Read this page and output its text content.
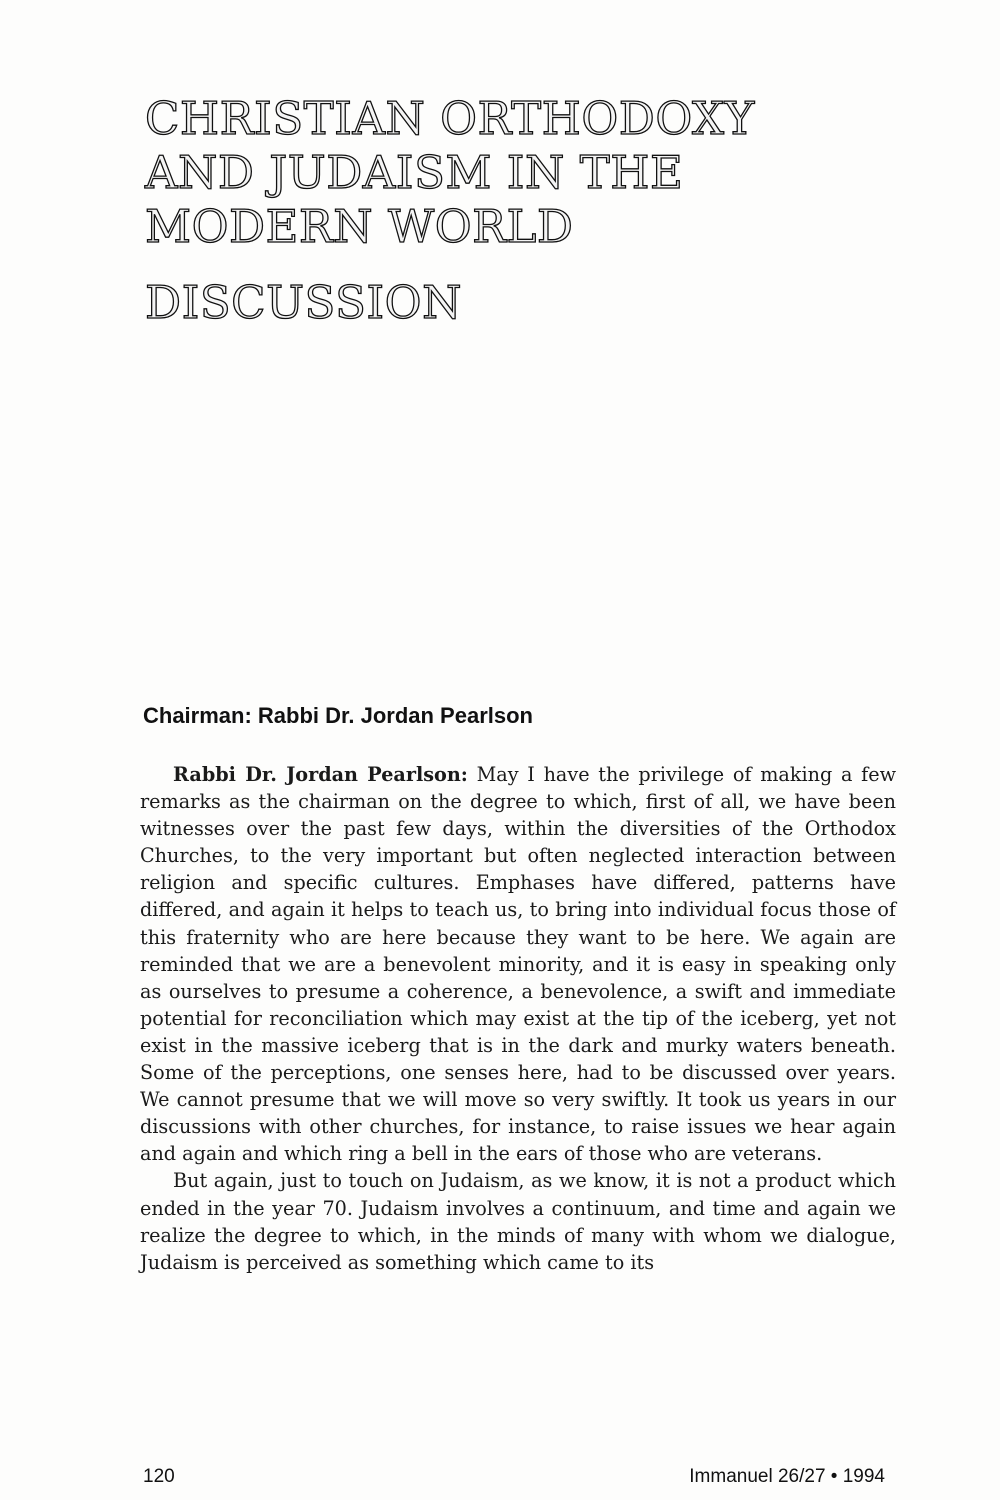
CHRISTIAN ORTHODOXY
AND JUDAISM IN THE
MODERN WORLD
DISCUSSION
Chairman: Rabbi Dr. Jordan Pearlson

Rabbi Dr. Jordan Pearlson: May I have the privilege of making a few remarks as the chairman on the degree to which, first of all, we have been witnesses over the past few days, within the diversities of the Orthodox Churches, to the very important but often neglected interaction between religion and specific cultures. Emphases have differed, patterns have differed, and again it helps to teach us, to bring into individual focus those of this fraternity who are here because they want to be here. We again are reminded that we are a benevolent minority, and it is easy in speaking only as ourselves to presume a coherence, a benevolence, a swift and immediate potential for reconciliation which may exist at the tip of the iceberg, yet not exist in the massive iceberg that is in the dark and murky waters beneath. Some of the perceptions, one senses here, had to be discussed over years. We cannot presume that we will move so very swiftly. It took us years in our discussions with other churches, for instance, to raise issues we hear again and again and which ring a bell in the ears of those who are veterans.

But again, just to touch on Judaism, as we know, it is not a product which ended in the year 70. Judaism involves a continuum, and time and again we realize the degree to which, in the minds of many with whom we dialogue, Judaism is perceived as something which came to its

120	Immanuel 26/27 • 1994
